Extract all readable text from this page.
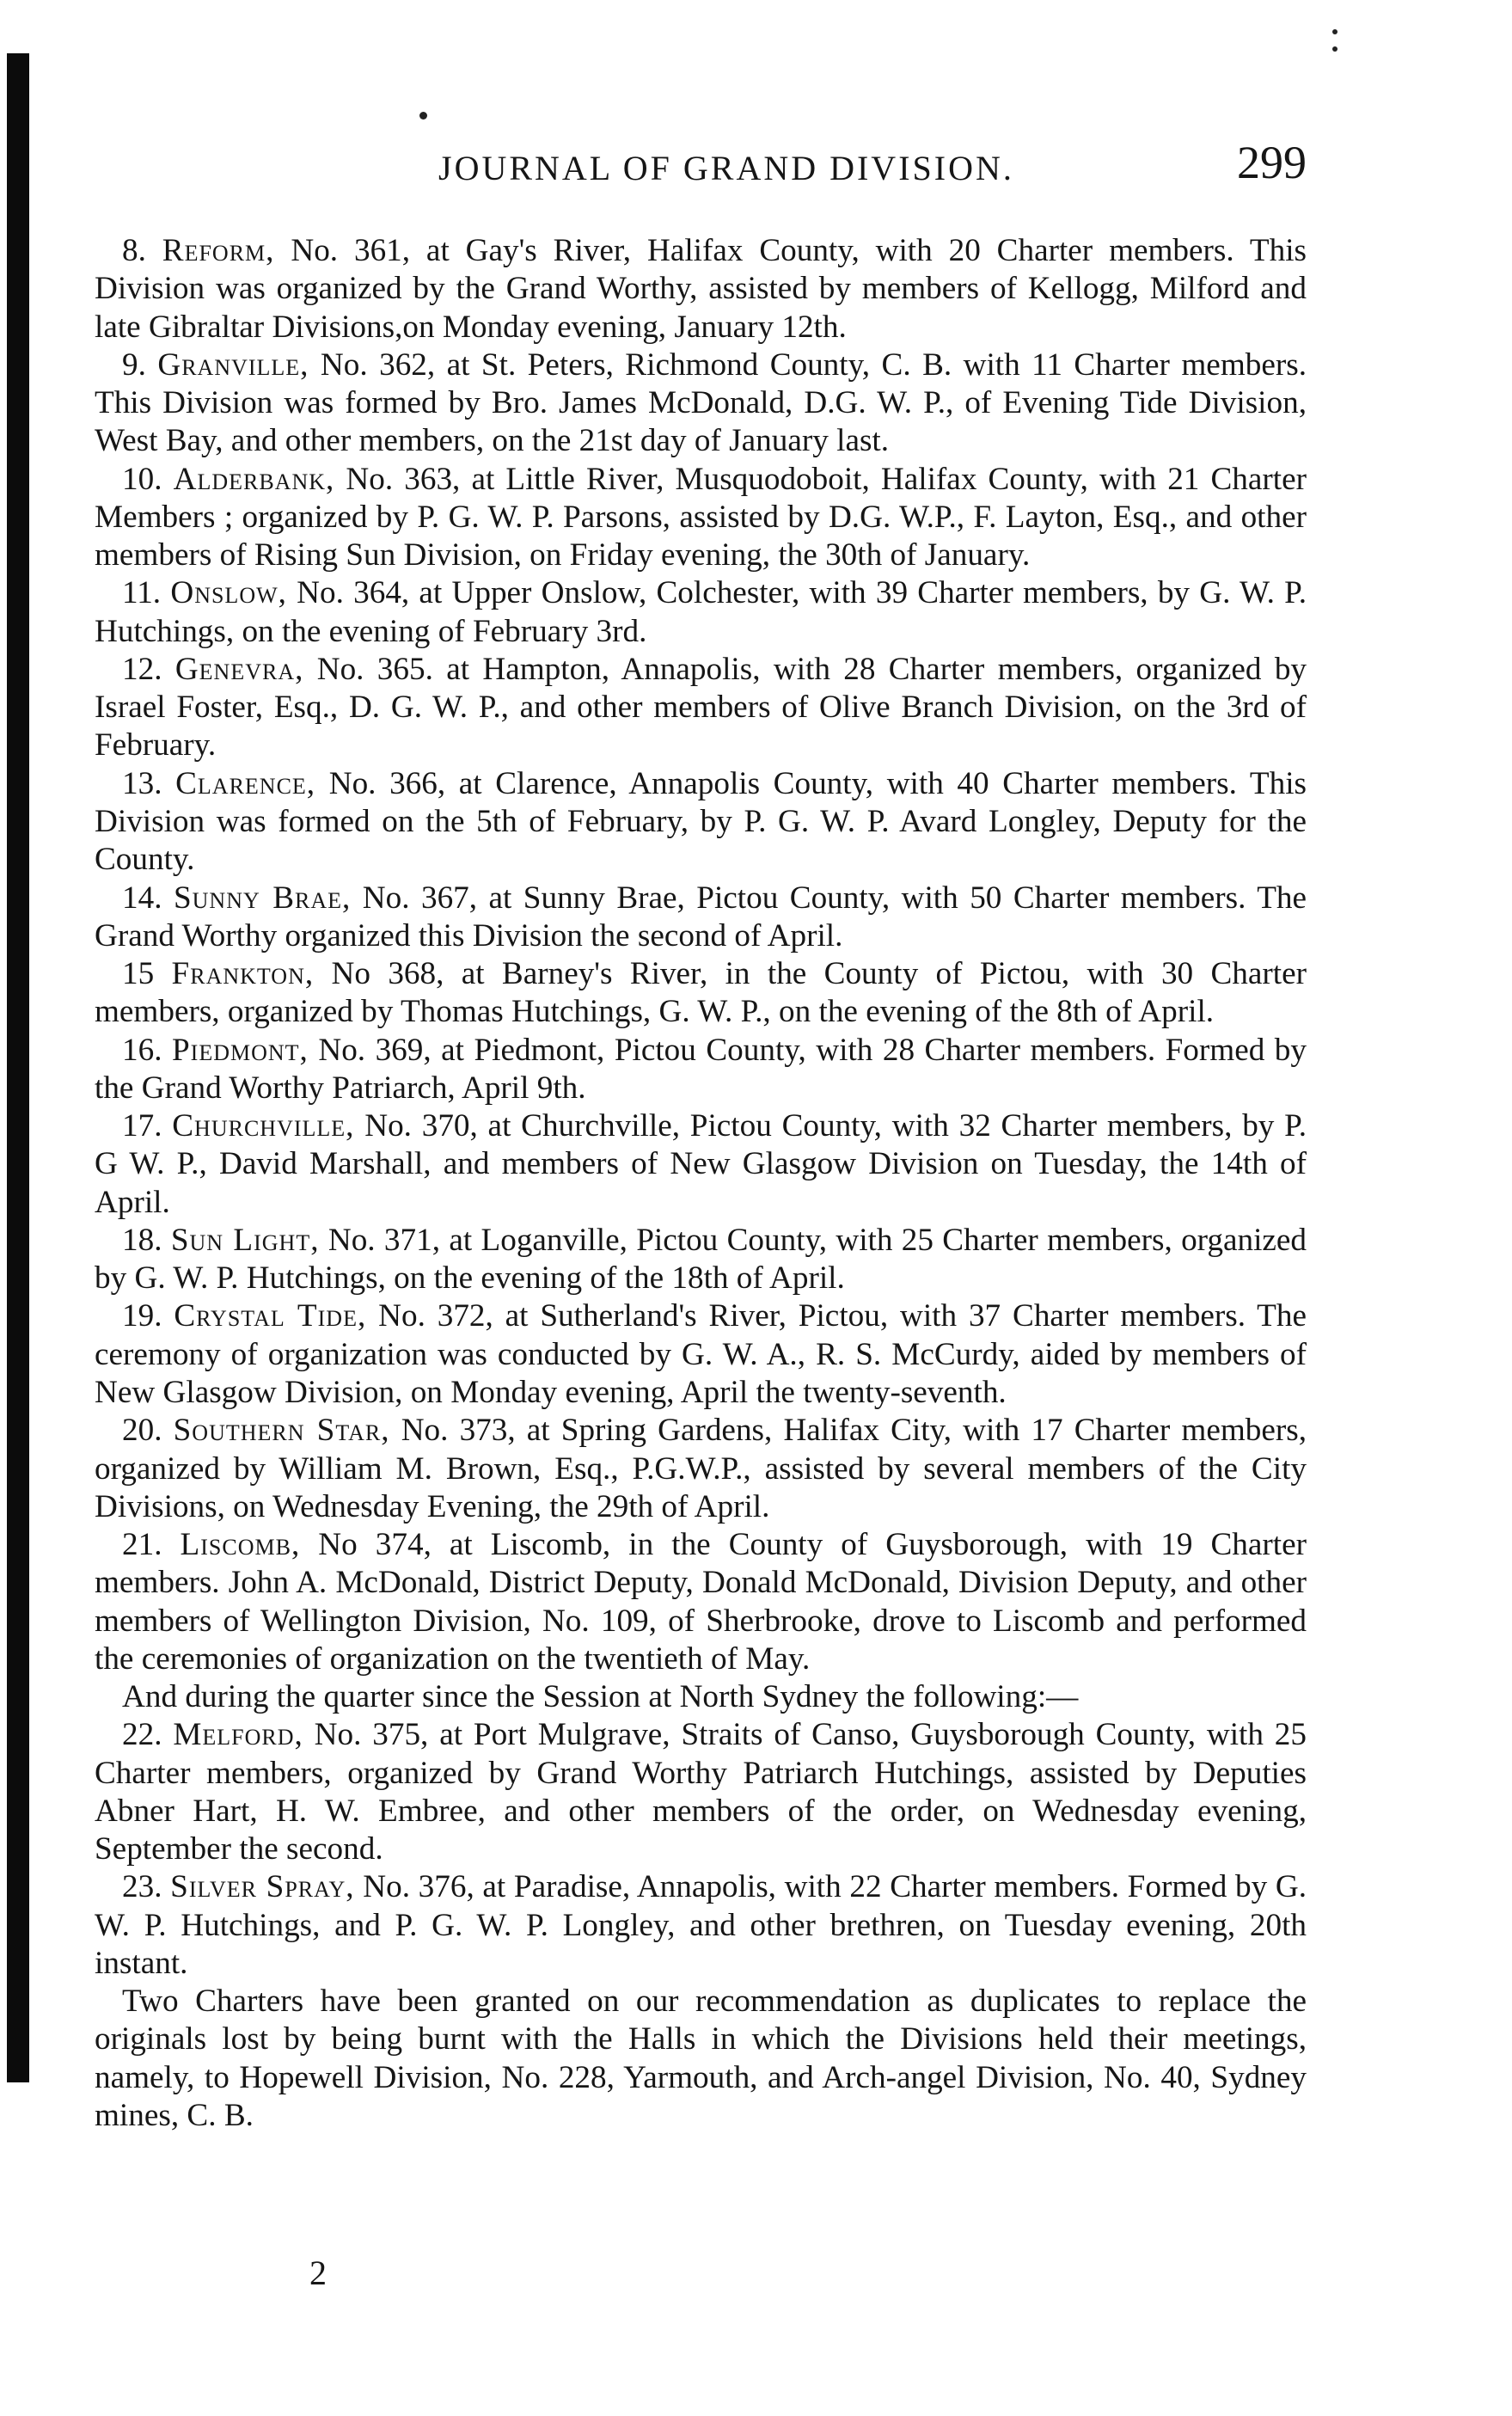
JOURNAL OF GRAND DIVISION.	299

8. Reform, No. 361, at Gay's River, Halifax County, with 20 Charter members. This Division was organized by the Grand Worthy, assisted by members of Kellogg, Milford and late Gibraltar Divisions,on Monday evening, January 12th.

9. Granville, No. 362, at St. Peters, Richmond County, C. B. with 11 Charter members. This Division was formed by Bro. James McDonald, D.G. W. P., of Evening Tide Division, West Bay, and other members, on the 21st day of January last.

10. Alderbank, No. 363, at Little River, Musquodoboit, Halifax County, with 21 Charter Members ; organized by P. G. W. P. Parsons, assisted by D.G. W.P., F. Layton, Esq., and other members of Rising Sun Division, on Friday evening, the 30th of January.

11. Onslow, No. 364, at Upper Onslow, Colchester, with 39 Charter members, by G. W. P. Hutchings, on the evening of February 3rd.

12. Genevra, No. 365. at Hampton, Annapolis, with 28 Charter members, organized by Israel Foster, Esq., D. G. W. P., and other members of Olive Branch Division, on the 3rd of February.

13. Clarence, No. 366, at Clarence, Annapolis County, with 40 Charter members. This Division was formed on the 5th of February, by P. G. W. P. Avard Longley, Deputy for the County.

14. Sunny Brae, No. 367, at Sunny Brae, Pictou County, with 50 Charter members. The Grand Worthy organized this Division the second of April.

15 Frankton, No 368, at Barney's River, in the County of Pictou, with 30 Charter members, organized by Thomas Hutchings, G. W. P., on the evening of the 8th of April.

16. Piedmont, No. 369, at Piedmont, Pictou County, with 28 Charter members. Formed by the Grand Worthy Patriarch, April 9th.

17. Churchville, No. 370, at Churchville, Pictou County, with 32 Charter members, by P. G W. P., David Marshall, and members of New Glasgow Division on Tuesday, the 14th of April.

18. Sun Light, No. 371, at Loganville, Pictou County, with 25 Charter members, organized by G. W. P. Hutchings, on the evening of the 18th of April.

19. Crystal Tide, No. 372, at Sutherland's River, Pictou, with 37 Charter members. The ceremony of organization was conducted by G. W. A., R. S. McCurdy, aided by members of New Glasgow Division, on Monday evening, April the twenty-seventh.

20. Southern Star, No. 373, at Spring Gardens, Halifax City, with 17 Charter members, organized by William M. Brown, Esq., P.G.W.P., assisted by several members of the City Divisions, on Wednesday Evening, the 29th of April.

21. Liscomb, No 374, at Liscomb, in the County of Guysborough, with 19 Charter members. John A. McDonald, District Deputy, Donald McDonald, Division Deputy, and other members of Wellington Division, No. 109, of Sherbrooke, drove to Liscomb and performed the ceremonies of organization on the twentieth of May.

And during the quarter since the Session at North Sydney the following:—

22. Melford, No. 375, at Port Mulgrave, Straits of Canso, Guysborough County, with 25 Charter members, organized by Grand Worthy Patriarch Hutchings, assisted by Deputies Abner Hart, H. W. Embree, and other members of the order, on Wednesday evening, September the second.

23. Silver Spray, No. 376, at Paradise, Annapolis, with 22 Charter members. Formed by G. W. P. Hutchings, and P. G. W. P. Longley, and other brethren, on Tuesday evening, 20th instant.

Two Charters have been granted on our recommendation as duplicates to replace the originals lost by being burnt with the Halls in which the Divisions held their meetings, namely, to Hopewell Division, No. 228, Yarmouth, and Arch-angel Division, No. 40, Sydney mines, C. B.

2
